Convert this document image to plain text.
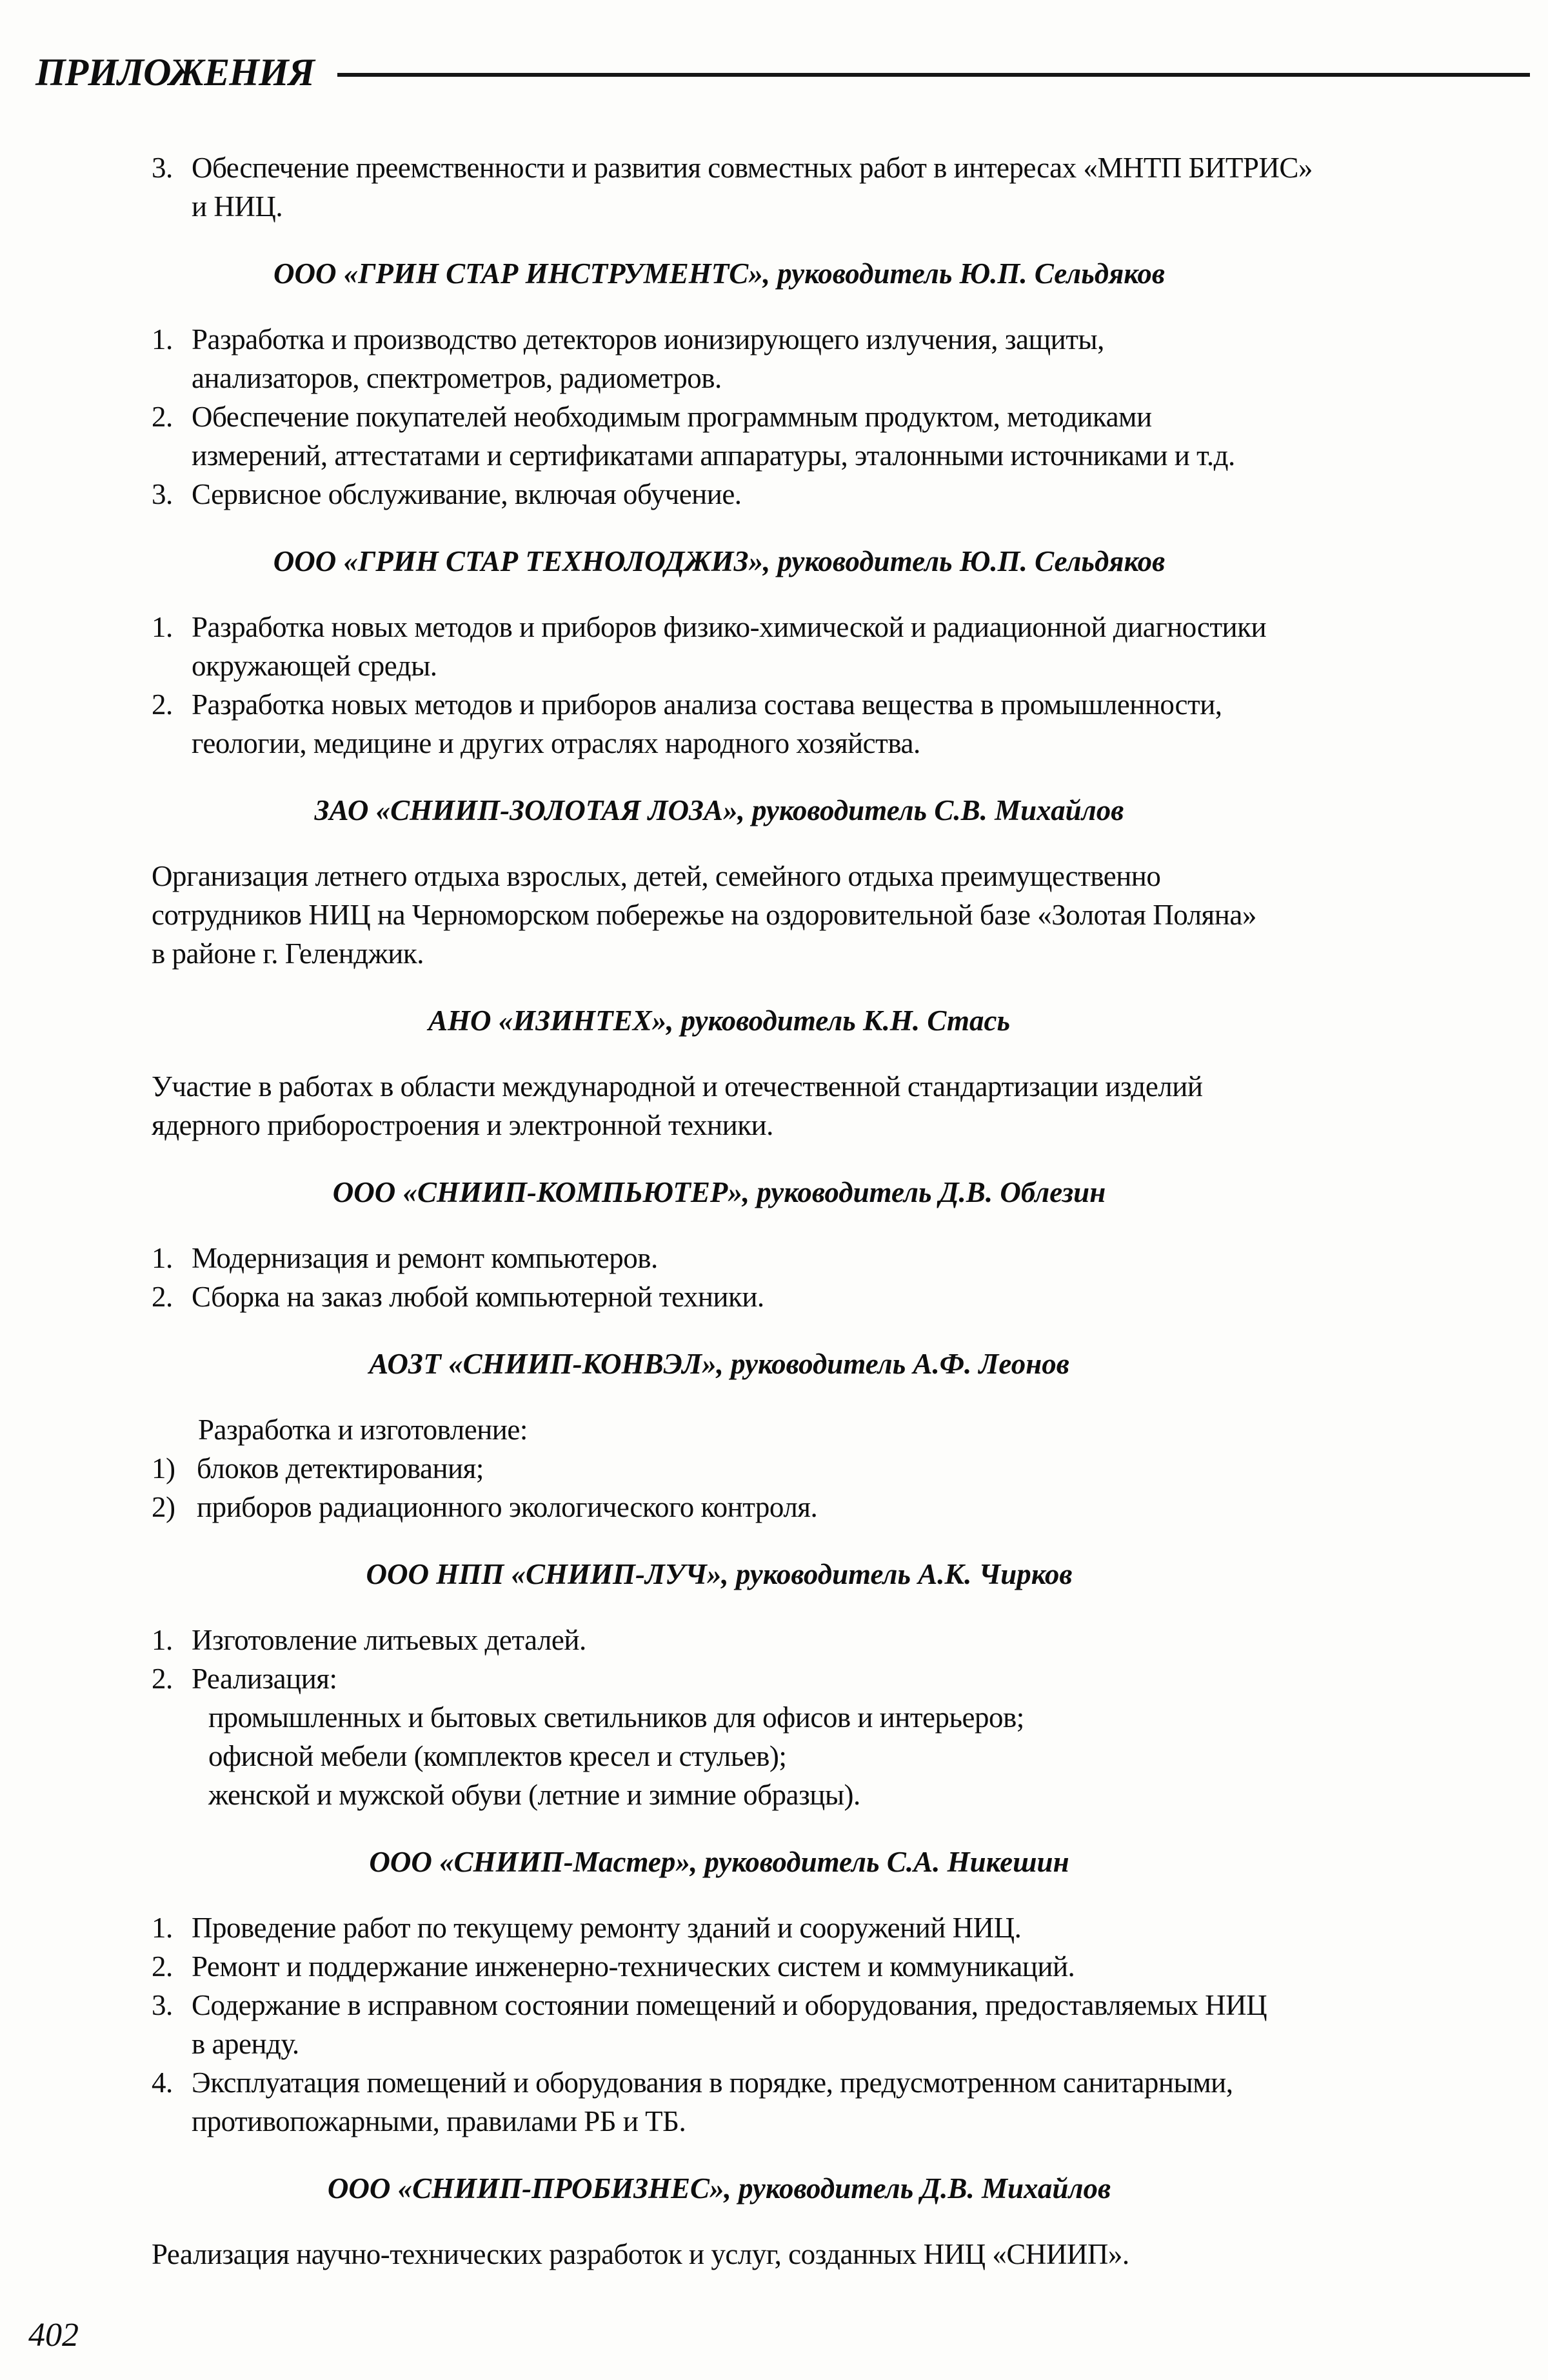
ПРИЛОЖЕНИЯ
3. Обеспечение преемственности и развития совместных работ в интересах «МНТП БИТРИС»
и НИЦ.
ООО «ГРИН СТАР ИНСТРУМЕНТС», руководитель Ю.П. Сельдяков
1. Разработка и производство детекторов ионизирующего излучения, защиты,
анализаторов, спектрометров, радиометров.
2. Обеспечение покупателей необходимым программным продуктом, методиками
измерений, аттестатами и сертификатами аппаратуры, эталонными источниками и т.д.
3. Сервисное обслуживание, включая обучение.
ООО «ГРИН СТАР ТЕХНОЛОДЖИЗ», руководитель Ю.П. Сельдяков
1. Разработка новых методов и приборов физико-химической и радиационной диагностики
окружающей среды.
2. Разработка новых методов и приборов анализа состава вещества в промышленности,
геологии, медицине и других отраслях народного хозяйства.
ЗАО «СНИИП-ЗОЛОТАЯ ЛОЗА», руководитель С.В. Михайлов
Организация летнего отдыха взрослых, детей, семейного отдыха преимущественно
сотрудников НИЦ на Черноморском побережье на оздоровительной базе «Золотая Поляна»
в районе г. Геленджик.
АНО «ИЗИНТЕХ», руководитель К.Н. Стась
Участие в работах в области международной и отечественной стандартизации изделий
ядерного приборостроения и электронной техники.
ООО «СНИИП-КОМПЬЮТЕР», руководитель Д.В. Облезин
1. Модернизация и ремонт компьютеров.
2. Сборка на заказ любой компьютерной техники.
АОЗТ «СНИИП-КОНВЭЛ», руководитель А.Ф. Леонов
Разработка и изготовление:
1) блоков детектирования;
2) приборов радиационного экологического контроля.
ООО НПП «СНИИП-ЛУЧ», руководитель А.К. Чирков
1. Изготовление литьевых деталей.
2. Реализация:
промышленных и бытовых светильников для офисов и интерьеров;
офисной мебели (комплектов кресел и стульев);
женской и мужской обуви (летние и зимние образцы).
ООО «СНИИП-Мастер», руководитель С.А. Никешин
1. Проведение работ по текущему ремонту зданий и сооружений НИЦ.
2. Ремонт и поддержание инженерно-технических систем и коммуникаций.
3. Содержание в исправном состоянии помещений и оборудования, предоставляемых НИЦ
в аренду.
4. Эксплуатация помещений и оборудования в порядке, предусмотренном санитарными,
противопожарными, правилами РБ и ТБ.
ООО «СНИИП-ПРОБИЗНЕС», руководитель Д.В. Михайлов
Реализация научно-технических разработок и услуг, созданных НИЦ «СНИИП».
402
